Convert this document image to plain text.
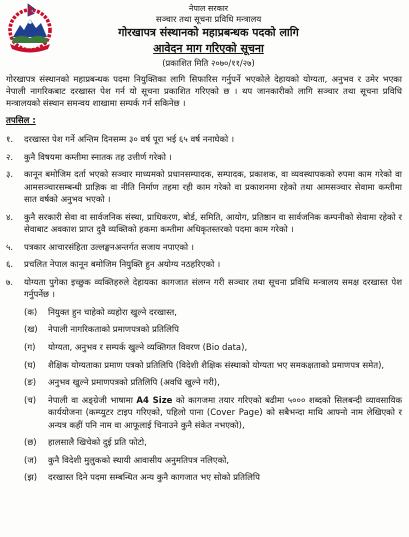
नेपाल सरकार
सञ्चार तथा सूचना प्रविधि मन्त्रालय
गोरखापत्र संस्थानको महाप्रबन्धक पदको लागि
आवेदन माग गरिएको सूचना
(प्रकाशित मिति २०७०/११/२७)

गोरखापत्र संस्थानको महाप्रबन्धक पदमा नियुक्तिका लागि सिफारिस गर्नुपर्ने भएकोले देहायको योग्यता, अनुभव र उमेर भएका नेपाली नागरिकबाट दरखास्त पेश गर्न यो सूचना प्रकाशित गरिएको छ । थप जानकारीको लागि सञ्चार तथा सूचना प्रविधि मन्त्रालयको संस्थान समन्वय शाखामा सम्पर्क गर्न सकिनेछ ।

तपसिल :
१.	दरखास्त पेश गर्ने अन्तिम दिनसम्म ३० वर्ष पूरा भई ६५ वर्ष ननाघेको ।
२.	कुनै विषयमा कम्तीमा स्नातक तह उत्तीर्ण गरेको ।
३.	कानून बमोजिम दर्ता भएको सञ्चार माध्यमको प्रधानसम्पादक, सम्पादक, प्रकाशक, वा व्यवस्थापकको रुपमा काम गरेको वा आमसञ्चारसम्बन्धी प्राज्ञिक वा नीति निर्माण तहमा रही काम गरेको वा प्रकाशनमा रहेको तथा आमसञ्चार सेवामा कम्तीमा सात वर्षको अनुभव भएको ।
४.	कुनै सरकारी सेवा वा सार्वजनिक संस्था, प्राधिकरण, बोर्ड, समिति, आयोग, प्रतिष्ठान वा सार्वजनिक कम्पनीको सेवामा रहेको र सेवाबाट अवकाश प्राप्त दुवै व्यक्तिको हकमा कम्तीमा अधिकृतस्तरको पदमा काम गरेको ।
५.	पत्रकार आचारसंहिता उल्लङ्घनअन्तर्गत सजाय नपाएको ।
६.	प्रचलित नेपाल कानून बमोजिम नियुक्ति हुन अयोग्य नठहरिएको ।
७.	योग्यता पुगेका इच्छुक व्यक्तिहरुले देहायका कागजात संलग्न गरी सञ्चार तथा सूचना प्रविधि मन्त्रालय समक्ष दरखास्त पेश गर्नुपर्नेछ ।
(क)	नियुक्त हुन चाहेको व्यहोरा खुल्ने दरखास्त,
(ख)	नेपाली नागरिकताको प्रमाणपत्रको प्रतिलिपि
(ग)	योग्यता, अनुभव र सम्पर्क खुल्ने व्यक्तिगत विवरण (Bio data),
(घ)	शैक्षिक योग्यताका प्रमाण पत्रको प्रतिलिपि (विदेशी शैक्षिक संस्थाको योग्यता भए समकक्षताको प्रमाणपत्र समेत),
(ङ)	अनुभव खुल्ने प्रमाणपत्रको प्रतिलिपि (अवधि खुल्ने गरी),
(च)	नेपाली वा अङ्ग्रेजी भाषामा A4 Size को कागजमा तयार गरिएको बढीमा ५००० शब्दको सिलबन्दी व्यावसायिक कार्ययोजना (कम्प्युटर टाइप गरिएको, पहिलो पाना (Cover Page) को सबैभन्दा माथि आफ्नो नाम लेखिएको र अन्यत्र कहीं पनि नाम वा आफूलाई चिनाउने कुनै संकेत नभएको),
(छ)	हालसालै खिचेको दुई प्रति फोटो,
(ज)	कुनै विदेशी मुलुकको स्थायी आवासीय अनुमतिपत्र नलिएको,
(झ)	दरखास्त दिने पदमा सम्बन्धित अन्य कुनै कागजात भए सोको प्रतिलिपि
